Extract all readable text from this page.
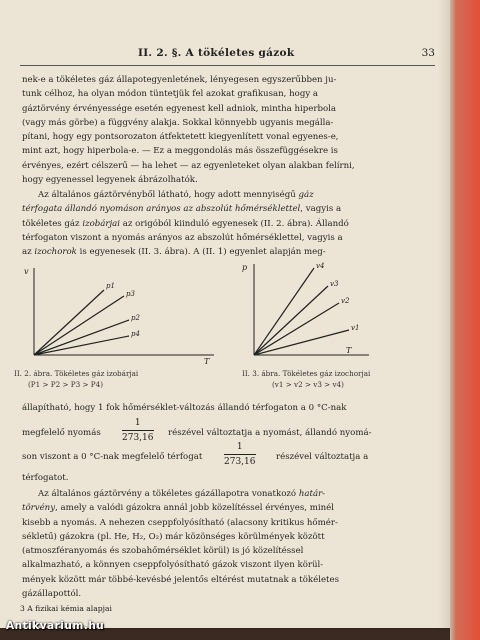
II. 2. §. A tökéletes gázok	33
nek-e a tökéletes gáz állapotegyenletének, lényegesen egyszerűbben ju-
tunk célhoz, ha olyan módon tüntetjük fel azokat grafikusan, hogy a
gáztörvény érvényessége esetén egyenest kell adniok, mintha hiperbola
(vagy más görbe) a függvény alakja. Sokkal könnyebb ugyanis megálla-
pítani, hogy egy pontsorozaton átfektetett kiegyenlített vonal egyenes-e,
mint azt, hogy hiperbola-e. — Ez a meggondolás más összefüggésekre is
érvényes, ezért célszerű — ha lehet — az egyenleteket olyan alakban felírni,
hogy egyenessel legyenek ábrázolhatók.
Az általános gáztörvényből látható, hogy adott mennyiségű gáz
térfogata állandó nyomáson arányos az abszolút hőmérséklettel, vagyis a
tökéletes gáz izobárjai az origóból kiinduló egyenesek (II. 2. ábra). Állandó
térfogaton viszont a nyomás arányos az abszolút hőmérséklettel, vagyis a
az izochorok is egyenesek (II. 3. ábra). A (II. 1) egyenlet alapján meg-
v
T
p1
p3
p2
p4
II. 2. ábra. Tökéletes gáz izobárjai
(P1 > P2 > P3 > P4)
p
T
v4
v3
v2
v1
II. 3. ábra. Tökéletes gáz izochorjai
(v1 > v2 > v3 > v4)
állapítható, hogy 1 fok hőmérséklet-változás állandó térfogaton a 0 °C-nak
megfelelő nyomás $\frac{1}{273,16}$ részével változtatja a nyomást, állandó nyomá-
son viszont a 0 °C-nak megfelelő térfogat $\frac{1}{273,16}$ részével változtatja a
térfogatot.
Az általános gáztörvény a tökéletes gázállapotra vonatkozó határ-
törvény, amely a valódi gázokra annál jobb közelítéssel érvényes, minél
kisebb a nyomás. A nehezen cseppfolyósítható (alacsony kritikus hőmér-
sékletű) gázokra (pl. He, H₂, O₂) már közönséges körülmények között
(atmoszféranyomás és szobahőmérséklet körül) is jó közelítéssel
alkalmazható, a könnyen cseppfolyósítható gázok viszont ilyen körül-
mények között már többé-kevésbé jelentős eltérést mutatnak a tökéletes
gázállapottól.
3 A fizikai kémia alapjai
Antikvarium.hu
